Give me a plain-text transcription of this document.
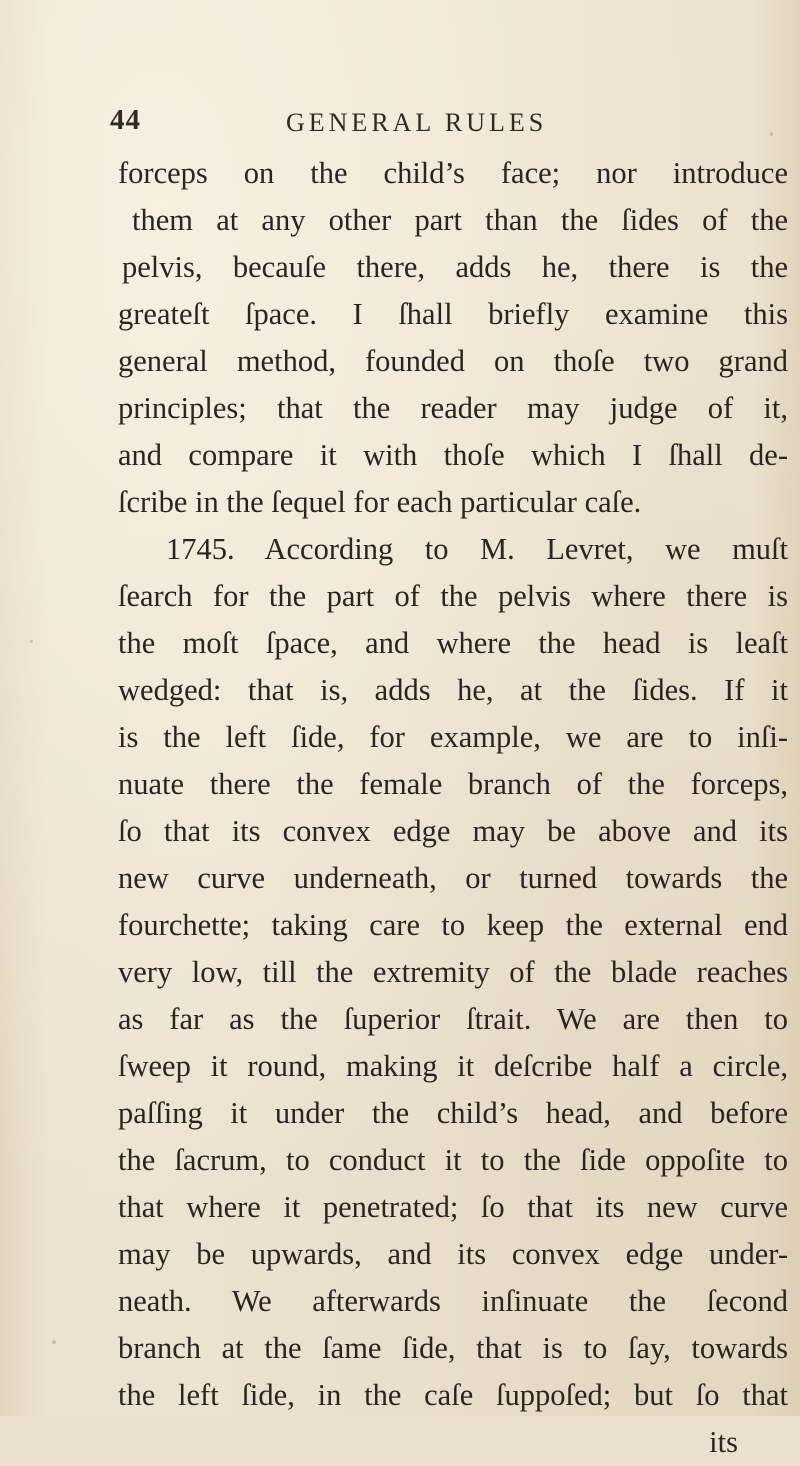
44	GENERAL RULES
forceps on the child’s face; nor introduce
them at any other part than the ſides of the
pelvis, becauſe there, adds he, there is the
greateſt ſpace. I ſhall briefly examine this
general method, founded on thoſe two grand
principles; that the reader may judge of it,
and compare it with thoſe which I ſhall de-
ſcribe in the ſequel for each particular caſe.
1745. According to M. Levret, we muſt
ſearch for the part of the pelvis where there is
the moſt ſpace, and where the head is leaſt
wedged: that is, adds he, at the ſides. If it
is the left ſide, for example, we are to inſi-
nuate there the female branch of the forceps,
ſo that its convex edge may be above and its
new curve underneath, or turned towards the
fourchette; taking care to keep the external end
very low, till the extremity of the blade reaches
as far as the ſuperior ſtrait. We are then to
ſweep it round, making it deſcribe half a circle,
paſſing it under the child’s head, and before
the ſacrum, to conduct it to the ſide oppoſite to
that where it penetrated; ſo that its new curve
may be upwards, and its convex edge under-
neath. We afterwards inſinuate the ſecond
branch at the ſame ſide, that is to ſay, towards
the left ſide, in the caſe ſuppoſed; but ſo that
its
